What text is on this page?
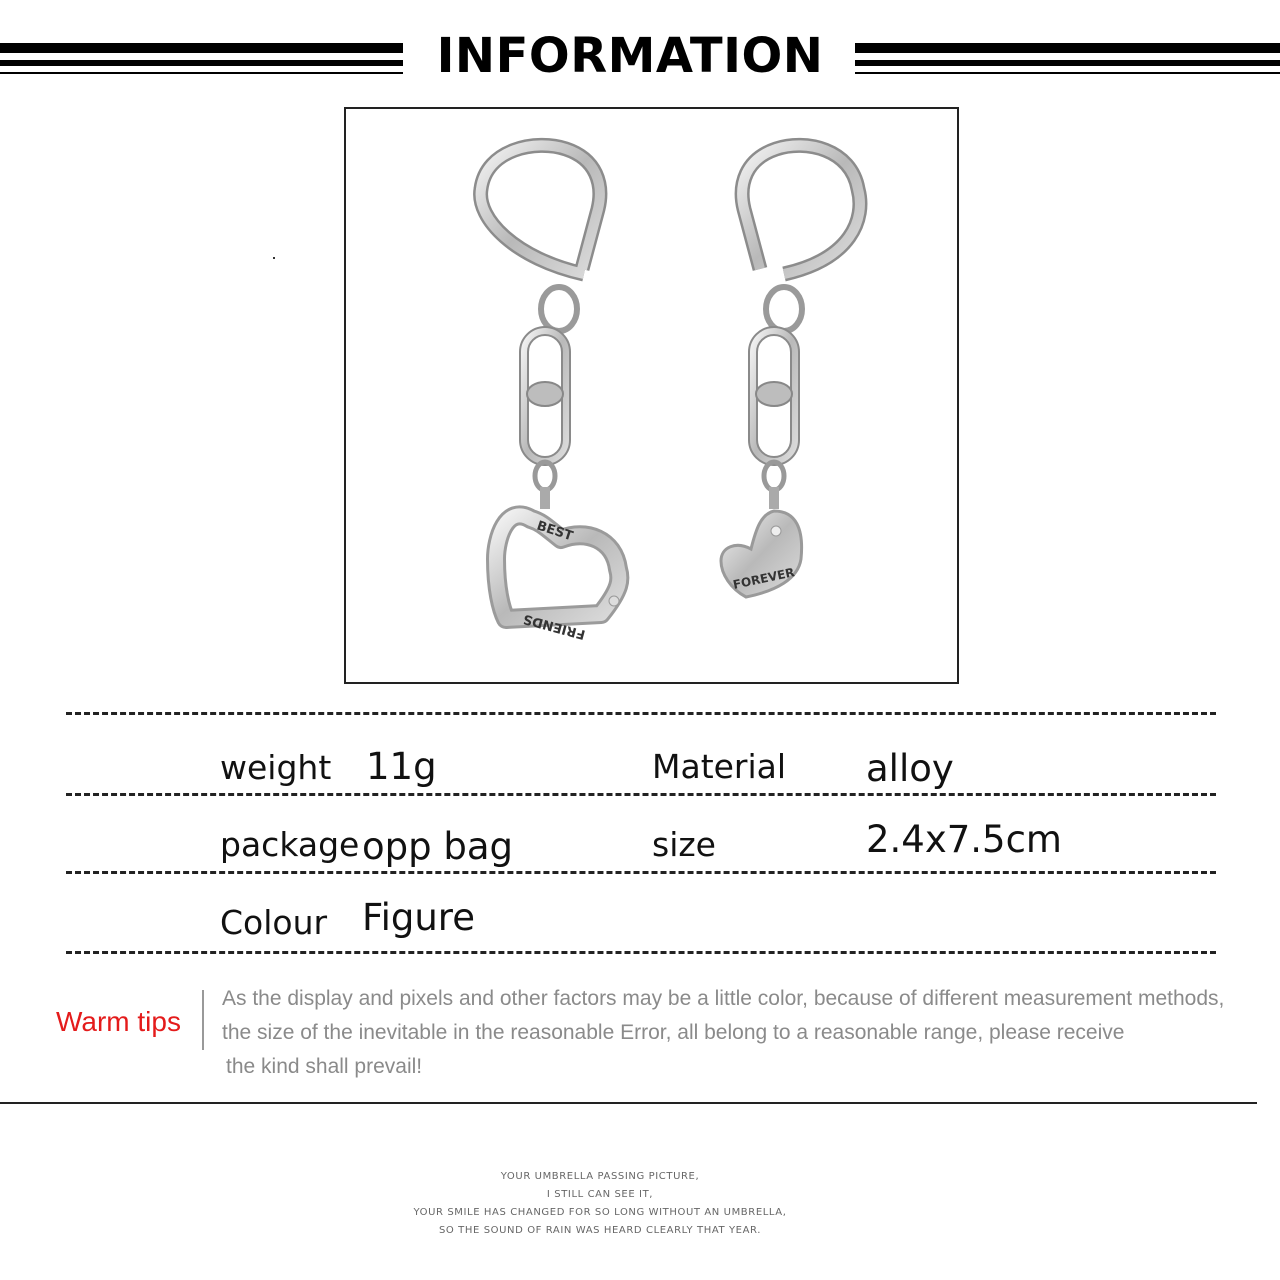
INFORMATION
BEST
FRIENDS
FOREVER
weight 11g	Material alloy
package opp bag	size	2.4x7.5cm
Colour Figure
Warm tips
As the display and pixels and other factors may be a little color, because of different measurement methods,
the size of the inevitable in the reasonable Error, all belong to a reasonable range, please receive
the kind shall prevail!
YOUR UMBRELLA PASSING PICTURE,
I STILL CAN SEE IT,
YOUR SMILE HAS CHANGED FOR SO LONG WITHOUT AN UMBRELLA,
SO THE SOUND OF RAIN WAS HEARD CLEARLY THAT YEAR.
